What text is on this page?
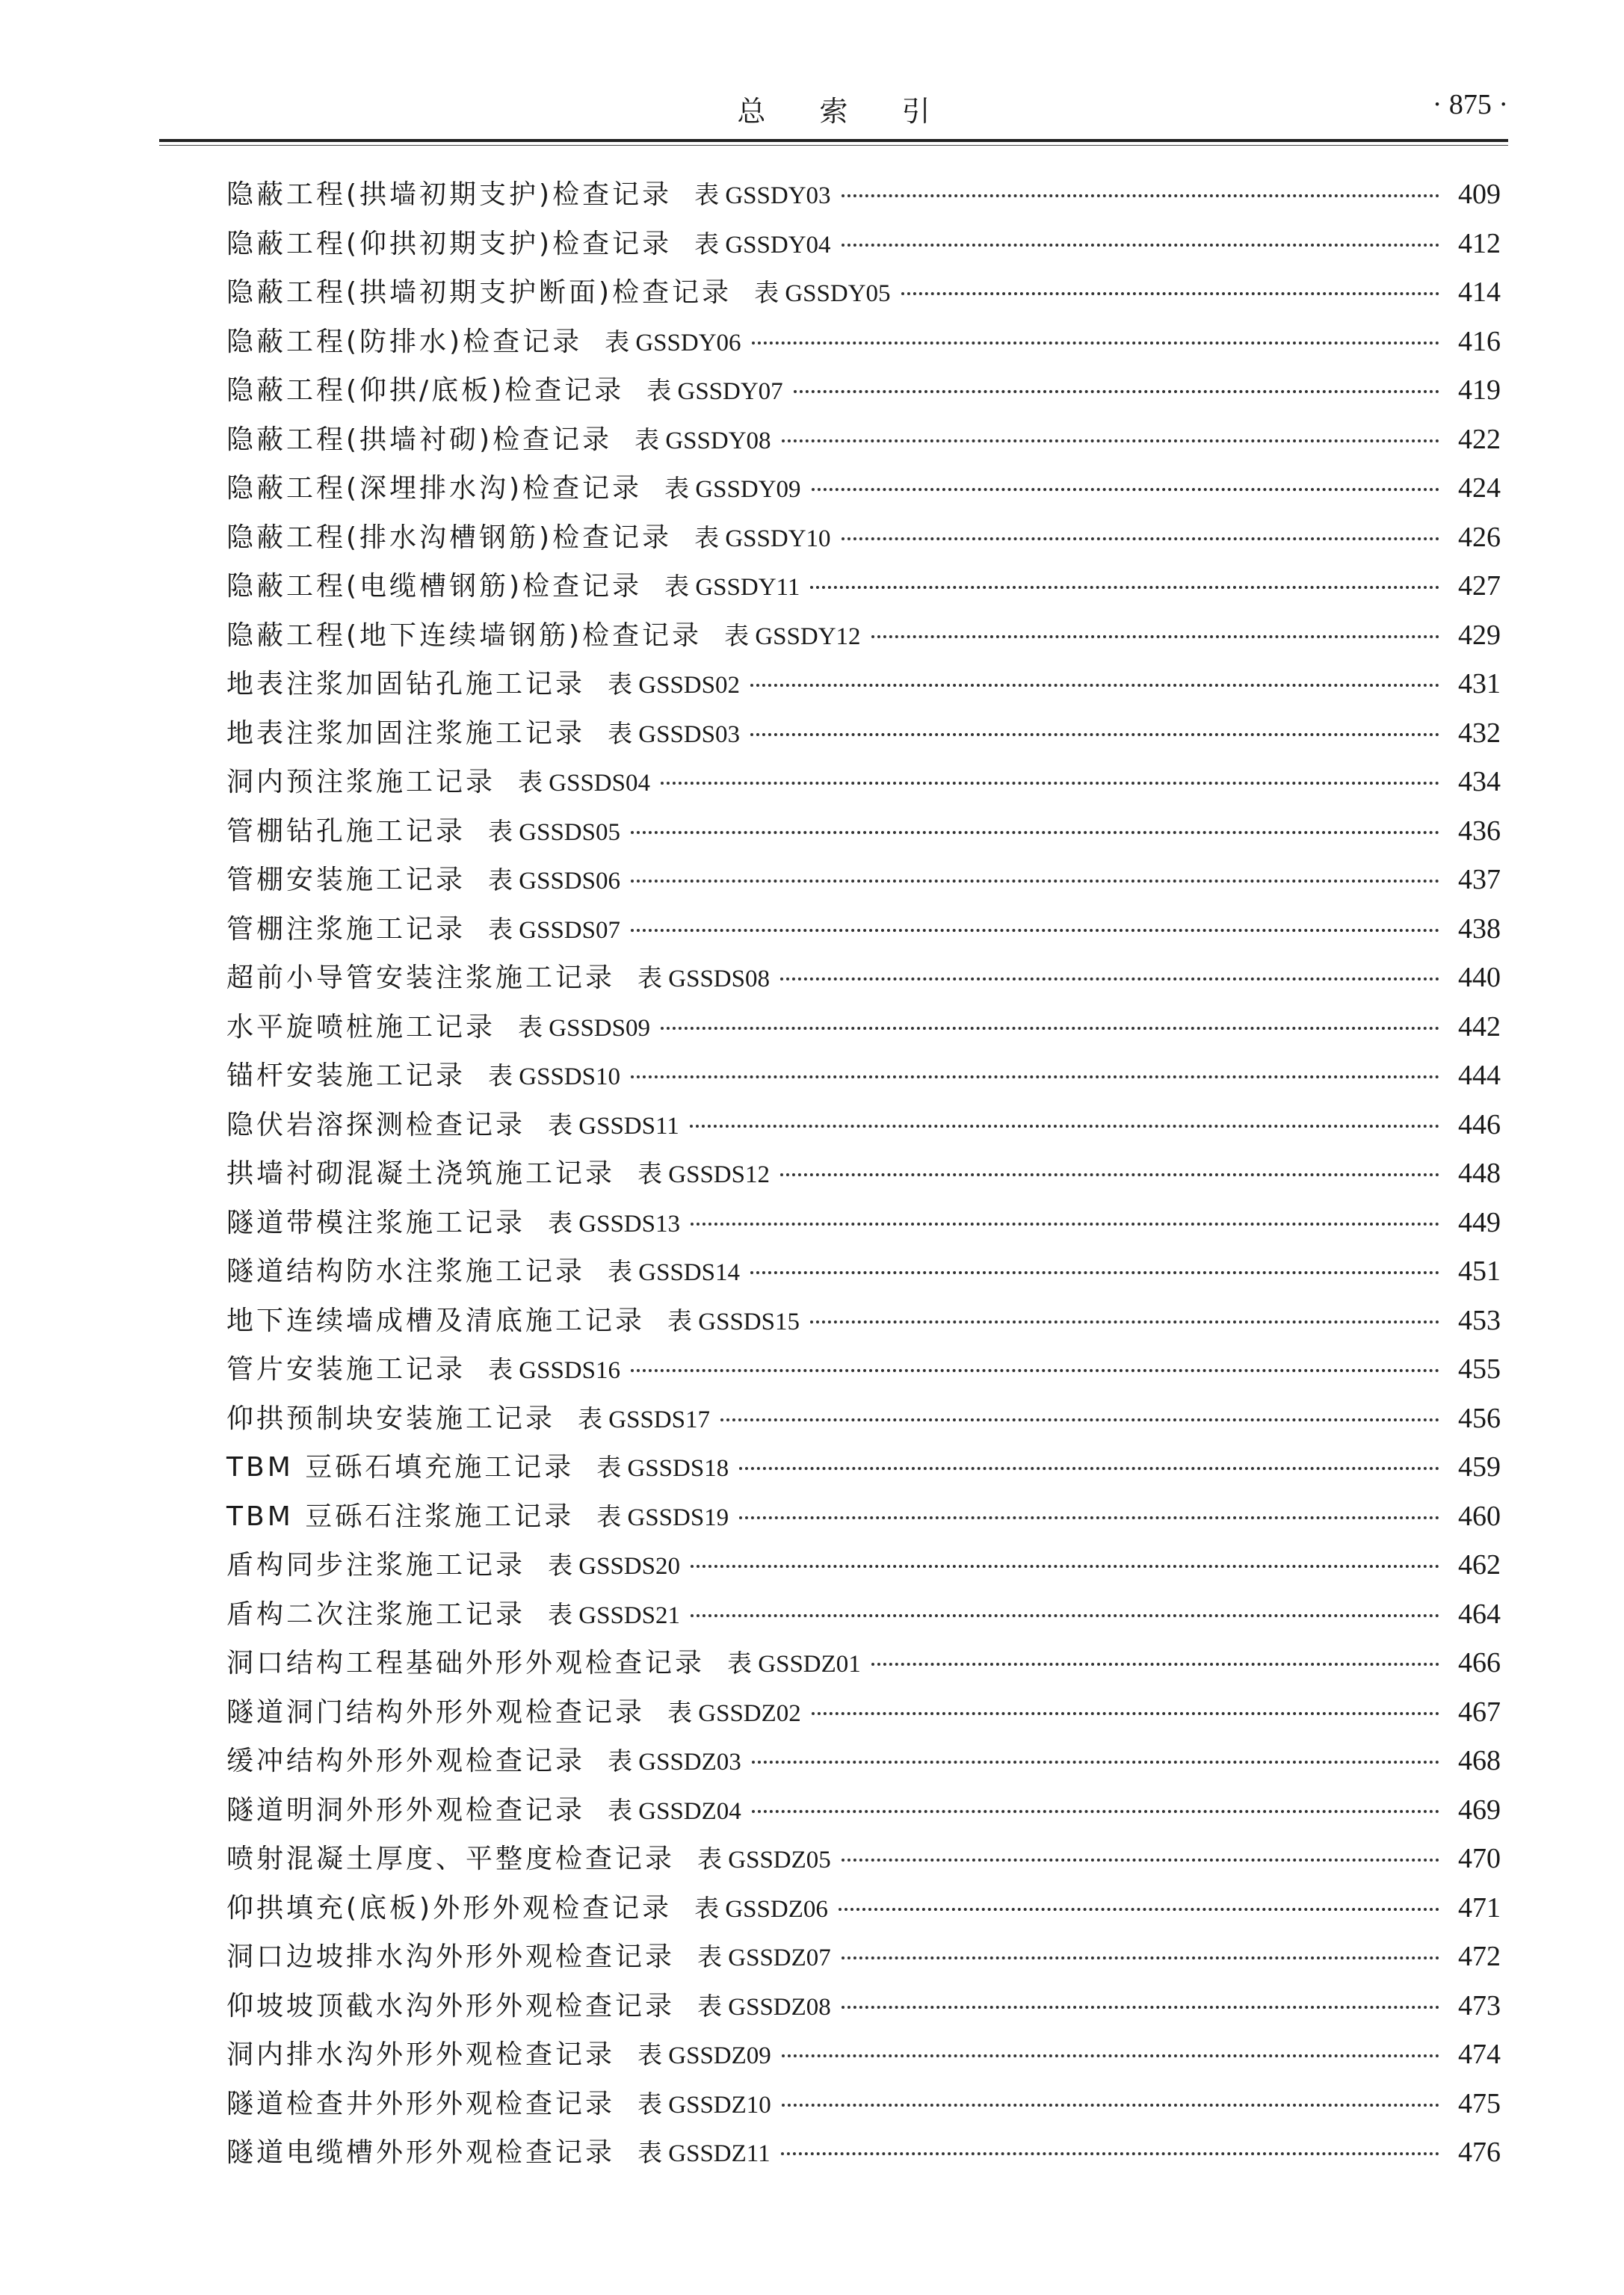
总 索 引	· 875 ·
隐蔽工程(拱墙初期支护)检查记录 表 GSSDY03	409
隐蔽工程(仰拱初期支护)检查记录 表 GSSDY04	412
隐蔽工程(拱墙初期支护断面)检查记录 表 GSSDY05	414
隐蔽工程(防排水)检查记录 表 GSSDY06	416
隐蔽工程(仰拱/底板)检查记录 表 GSSDY07	419
隐蔽工程(拱墙衬砌)检查记录 表 GSSDY08	422
隐蔽工程(深埋排水沟)检查记录 表 GSSDY09	424
隐蔽工程(排水沟槽钢筋)检查记录 表 GSSDY10	426
隐蔽工程(电缆槽钢筋)检查记录 表 GSSDY11	427
隐蔽工程(地下连续墙钢筋)检查记录 表 GSSDY12	429
地表注浆加固钻孔施工记录 表 GSSDS02	431
地表注浆加固注浆施工记录 表 GSSDS03	432
洞内预注浆施工记录 表 GSSDS04	434
管棚钻孔施工记录 表 GSSDS05	436
管棚安装施工记录 表 GSSDS06	437
管棚注浆施工记录 表 GSSDS07	438
超前小导管安装注浆施工记录 表 GSSDS08	440
水平旋喷桩施工记录 表 GSSDS09	442
锚杆安装施工记录 表 GSSDS10	444
隐伏岩溶探测检查记录 表 GSSDS11	446
拱墙衬砌混凝土浇筑施工记录 表 GSSDS12	448
隧道带模注浆施工记录 表 GSSDS13	449
隧道结构防水注浆施工记录 表 GSSDS14	451
地下连续墙成槽及清底施工记录 表 GSSDS15	453
管片安装施工记录 表 GSSDS16	455
仰拱预制块安装施工记录 表 GSSDS17	456
TBM 豆砾石填充施工记录 表 GSSDS18	459
TBM 豆砾石注浆施工记录 表 GSSDS19	460
盾构同步注浆施工记录 表 GSSDS20	462
盾构二次注浆施工记录 表 GSSDS21	464
洞口结构工程基础外形外观检查记录 表 GSSDZ01	466
隧道洞门结构外形外观检查记录 表 GSSDZ02	467
缓冲结构外形外观检查记录 表 GSSDZ03	468
隧道明洞外形外观检查记录 表 GSSDZ04	469
喷射混凝土厚度、平整度检查记录 表 GSSDZ05	470
仰拱填充(底板)外形外观检查记录 表 GSSDZ06	471
洞口边坡排水沟外形外观检查记录 表 GSSDZ07	472
仰坡坡顶截水沟外形外观检查记录 表 GSSDZ08	473
洞内排水沟外形外观检查记录 表 GSSDZ09	474
隧道检查井外形外观检查记录 表 GSSDZ10	475
隧道电缆槽外形外观检查记录 表 GSSDZ11	476
